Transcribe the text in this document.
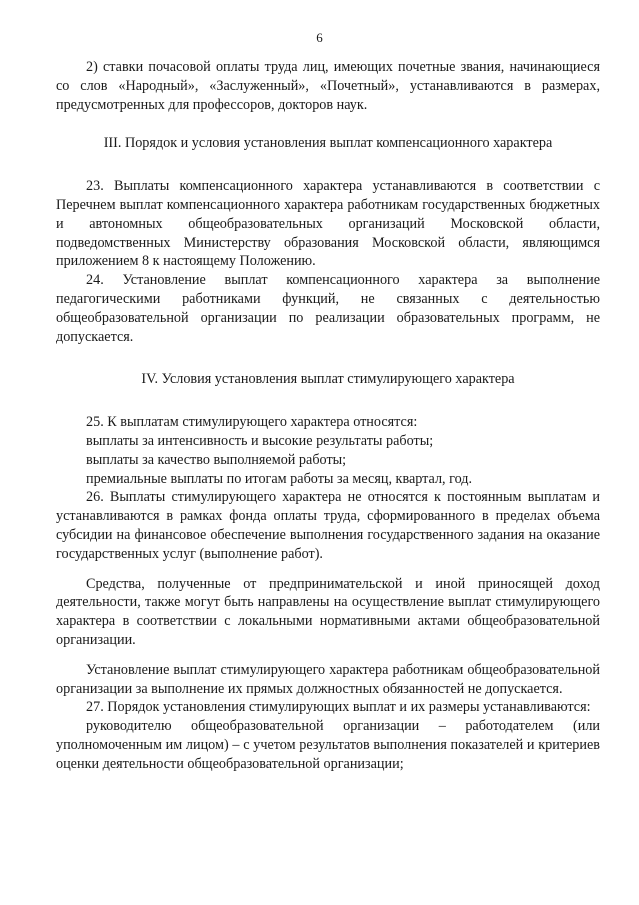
6

2) ставки почасовой оплаты труда лиц, имеющих почетные звания, начинающиеся со слов «Народный», «Заслуженный», «Почетный», устанавливаются в размерах, предусмотренных для профессоров, докторов наук.

III. Порядок и условия установления выплат компенсационного характера

23. Выплаты компенсационного характера устанавливаются в соответствии с Перечнем выплат компенсационного характера работникам государственных бюджетных и автономных общеобразовательных организаций Московской области, подведомственных Министерству образования Московской области, являющимся приложением 8 к настоящему Положению.

24. Установление выплат компенсационного характера за выполнение педагогическими работниками функций, не связанных с деятельностью общеобразовательной организации по реализации образовательных программ, не допускается.

IV. Условия установления выплат стимулирующего характера

25. К выплатам стимулирующего характера относятся:

выплаты за интенсивность и высокие результаты работы;

выплаты за качество выполняемой работы;

премиальные выплаты по итогам работы за месяц, квартал, год.

26. Выплаты стимулирующего характера не относятся к постоянным выплатам и устанавливаются в рамках фонда оплаты труда, сформированного в пределах объема субсидии на финансовое обеспечение выполнения государственного задания на оказание государственных услуг (выполнение работ).

Средства, полученные от предпринимательской и иной приносящей доход деятельности, также могут быть направлены на осуществление выплат стимулирующего характера в соответствии с локальными нормативными актами общеобразовательной организации.

Установление выплат стимулирующего характера работникам общеобразовательной организации за выполнение их прямых должностных обязанностей не допускается.

27. Порядок установления стимулирующих выплат и их размеры устанавливаются:

руководителю общеобразовательной организации – работодателем (или уполномоченным им лицом) – с учетом результатов выполнения показателей и критериев оценки деятельности общеобразовательной организации;
